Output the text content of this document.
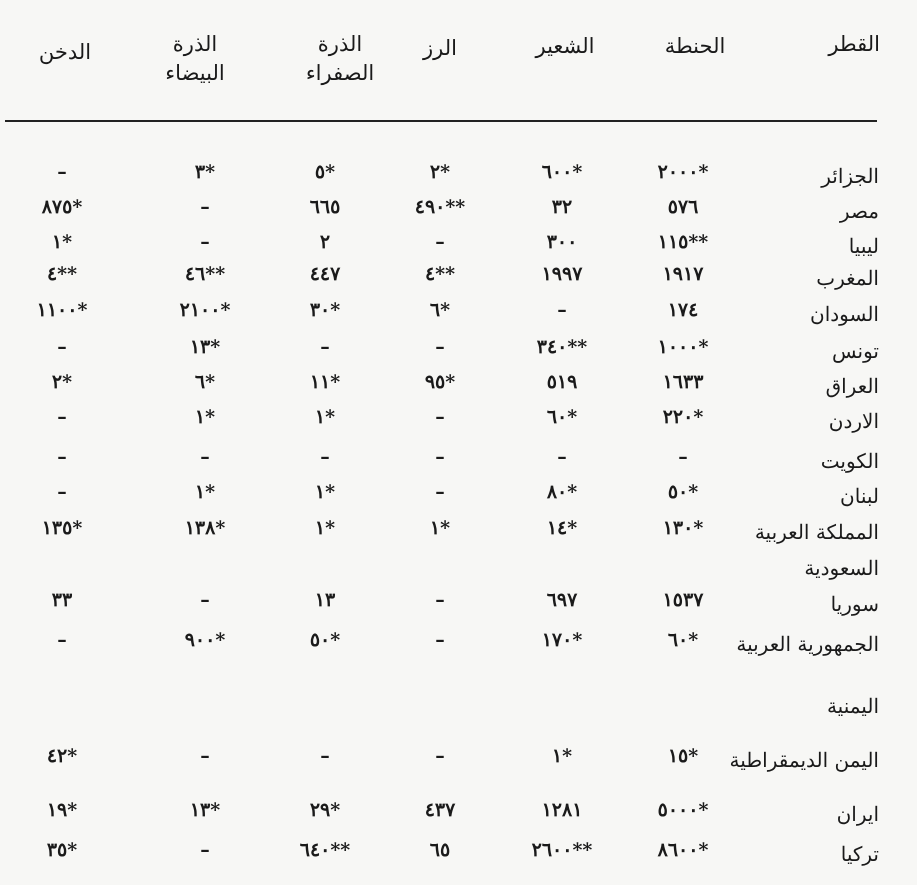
القطر
الحنطة
الشعير
الرز
الذرة
الصفراء
الذرة
البيضاء
الدخن
الجزائر
٢٠٠٠*
٦٠٠*
٢*
٥*
٣*
–
مصر
٥٧٦
٣٢
٤٩٠**
٦٦٥
–
٨٧٥*
ليبيا
١١٥**
٣٠٠
–
٢
–
١*
المغرب
١٩١٧
١٩٩٧
٤**
٤٤٧
٤٦**
٤**
السودان
١٧٤
–
٦*
٣٠*
٢١٠٠*
١١٠٠*
تونس
١٠٠٠*
٣٤٠**
–
–
١٣*
–
العراق
١٦٣٣
٥١٩
٩٥*
١١*
٦*
٢*
الاردن
٢٢٠*
٦٠*
–
١*
١*
–
الكويت
–
–
–
–
–
–
لبنان
٥٠*
٨٠*
–
١*
١*
–
المملكة العربية
١٣٠*
١٤*
١*
١*
١٣٨*
١٣٥*
السعودية
سوريا
١٥٣٧
٦٩٧
–
١٣
–
٣٣
الجمهورية العربية
٦٠*
١٧٠*
–
٥٠*
٩٠٠*
–
اليمنية
اليمن الديمقراطية
١٥*
١*
–
–
–
٤٢*
ايران
٥٠٠٠*
١٢٨١
٤٣٧
٢٩*
١٣*
١٩*
تركيا
٨٦٠٠*
٢٦٠٠**
٦٥
٦٤٠**
–
٣٥*
